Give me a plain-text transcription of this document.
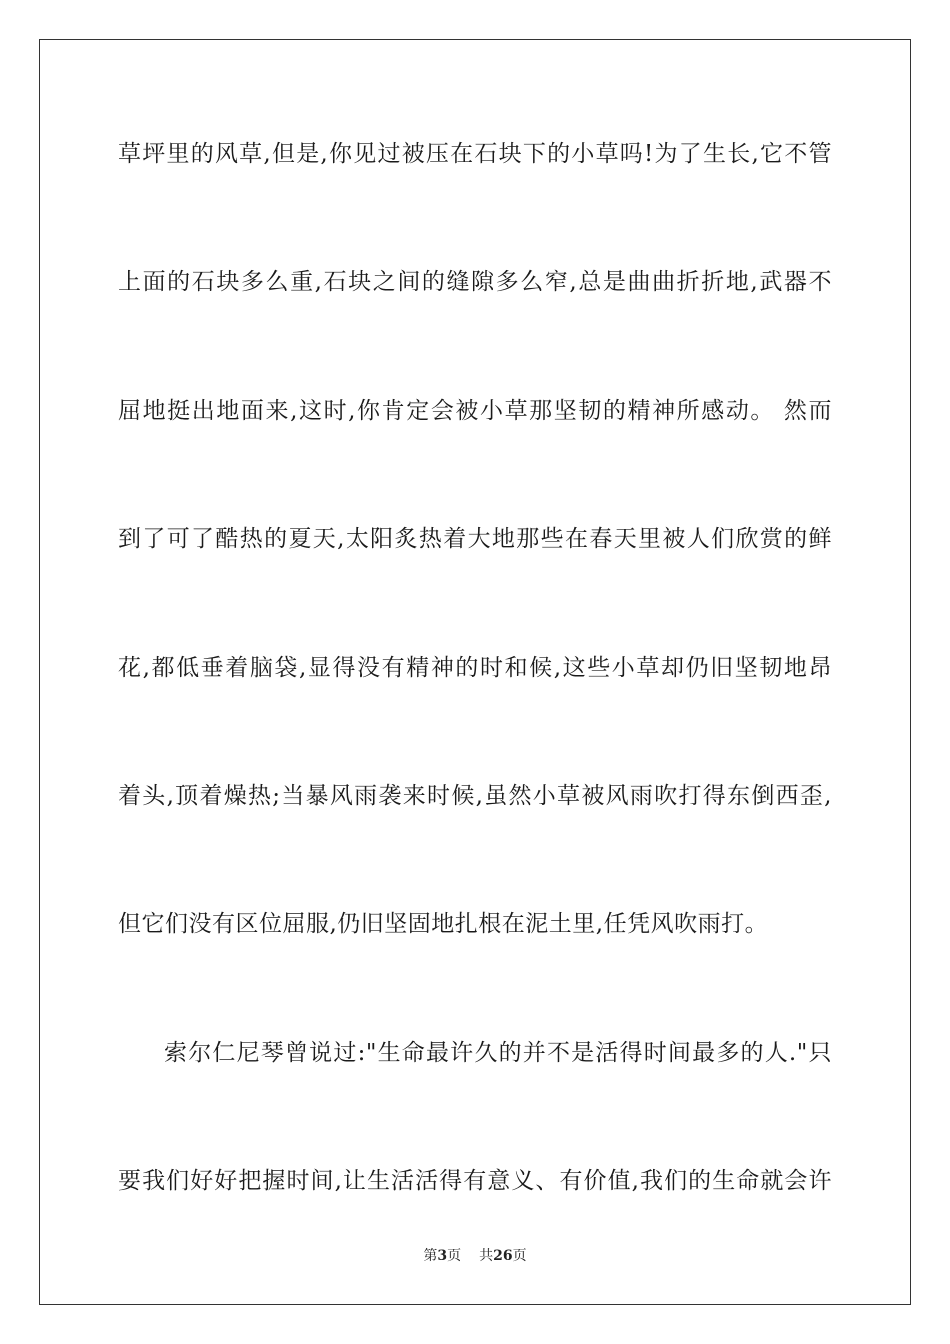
草坪里的风草,但是,你见过被压在石块下的小草吗!为了生长,它不管
上面的石块多么重,石块之间的缝隙多么窄,总是曲曲折折地,武器不
屈地挺出地面来,这时,你肯定会被小草那坚韧的精神所感动。 然而
到了可了酷热的夏天,太阳炙热着大地那些在春天里被人们欣赏的鲜
花,都低垂着脑袋,显得没有精神的时和候,这些小草却仍旧坚韧地昂
着头,顶着燥热;当暴风雨袭来时候,虽然小草被风雨吹打得东倒西歪,
但它们没有区位屈服,仍旧坚固地扎根在泥土里,任凭风吹雨打。
索尔仁尼琴曾说过:"生命最许久的并不是活得时间最多的人."只
要我们好好把握时间,让生活活得有意义、有价值,我们的生命就会许
第3页 共26页
